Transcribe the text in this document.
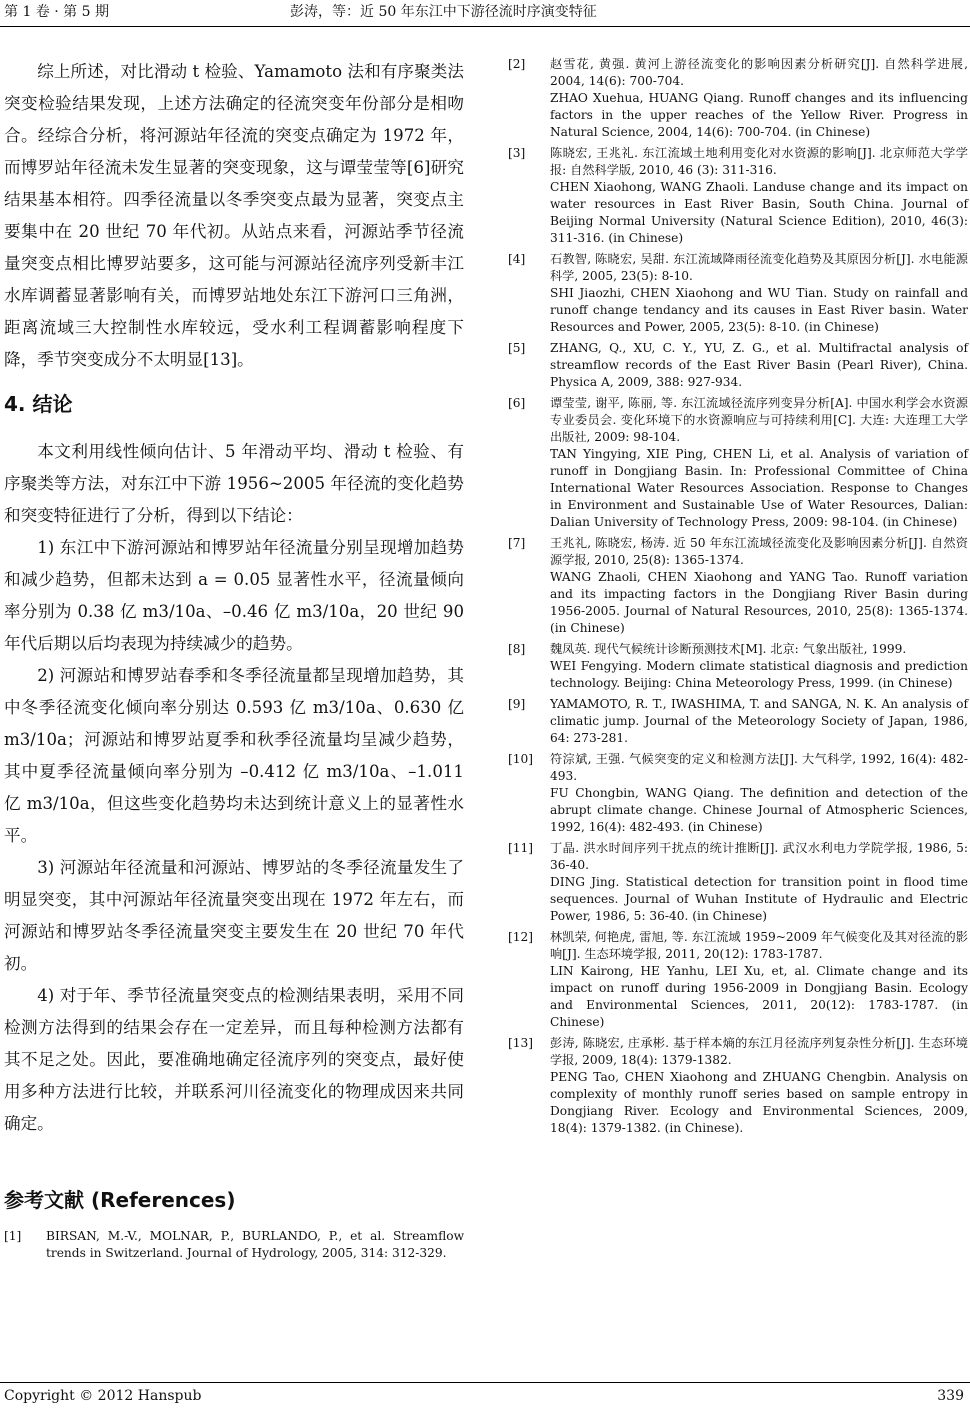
第 1 卷 · 第 5 期	彭涛，等：近 50 年东江中下游径流时序演变特征

综上所述，对比滑动 t 检验、Yamamoto 法和有序聚类法突变检验结果发现，上述方法确定的径流突变年份部分是相吻合。经综合分析，将河源站年径流的突变点确定为 1972 年，而博罗站年径流未发生显著的突变现象，这与谭莹莹等[6]研究结果基本相符。四季径流量以冬季突变点最为显著，突变点主要集中在 20 世纪 70 年代初。从站点来看，河源站季节径流量突变点相比博罗站要多，这可能与河源站径流序列受新丰江水库调蓄显著影响有关，而博罗站地处东江下游河口三角洲，距离流域三大控制性水库较远，受水利工程调蓄影响程度下降，季节突变成分不太明显[13]。

4. 结论

本文利用线性倾向估计、5 年滑动平均、滑动 t 检验、有序聚类等方法，对东江中下游 1956~2005 年径流的变化趋势和突变特征进行了分析，得到以下结论：

1) 东江中下游河源站和博罗站年径流量分别呈现增加趋势和减少趋势，但都未达到 a = 0.05 显著性水平，径流量倾向率分别为 0.38 亿 m3/10a、–0.46 亿 m3/10a，20 世纪 90 年代后期以后均表现为持续减少的趋势。

2) 河源站和博罗站春季和冬季径流量都呈现增加趋势，其中冬季径流变化倾向率分别达 0.593 亿 m3/10a、0.630 亿 m3/10a；河源站和博罗站夏季和秋季径流量均呈减少趋势，其中夏季径流量倾向率分别为 –0.412 亿 m3/10a、–1.011 亿 m3/10a，但这些变化趋势均未达到统计意义上的显著性水平。

3) 河源站年径流量和河源站、博罗站的冬季径流量发生了明显突变，其中河源站年径流量突变出现在 1972 年左右，而河源站和博罗站冬季径流量突变主要发生在 20 世纪 70 年代初。

4) 对于年、季节径流量突变点的检测结果表明，采用不同检测方法得到的结果会存在一定差异，而且每种检测方法都有其不足之处。因此，要准确地确定径流序列的突变点，最好使用多种方法进行比较，并联系河川径流变化的物理成因来共同确定。

参考文献 (References)
[1] BIRSAN, M.-V., MOLNAR, P., BURLANDO, P., et al. Streamflow trends in Switzerland. Journal of Hydrology, 2005, 314: 312-329.
[2] 赵雪花, 黄强. 黄河上游径流变化的影响因素分析研究[J]. 自然科学进展, 2004, 14(6): 700-704.
ZHAO Xuehua, HUANG Qiang. Runoff changes and its influencing factors in the upper reaches of the Yellow River. Progress in Natural Science, 2004, 14(6): 700-704. (in Chinese)
[3] 陈晓宏, 王兆礼. 东江流域土地利用变化对水资源的影响[J]. 北京师范大学学报: 自然科学版, 2010, 46 (3): 311-316.
CHEN Xiaohong, WANG Zhaoli. Landuse change and its impact on water resources in East River Basin, South China. Journal of Beijing Normal University (Natural Science Edition), 2010, 46(3): 311-316. (in Chinese)
[4] 石教智, 陈晓宏, 吴甜. 东江流域降雨径流变化趋势及其原因分析[J]. 水电能源科学, 2005, 23(5): 8-10.
SHI Jiaozhi, CHEN Xiaohong and WU Tian. Study on rainfall and runoff change tendancy and its causes in East River basin. Water Resources and Power, 2005, 23(5): 8-10. (in Chinese)
[5] ZHANG, Q., XU, C. Y., YU, Z. G., et al. Multifractal analysis of streamflow records of the East River Basin (Pearl River), China. Physica A, 2009, 388: 927-934.
[6] 谭莹莹, 谢平, 陈丽, 等. 东江流域径流序列变异分析[A]. 中国水利学会水资源专业委员会. 变化环境下的水资源响应与可持续利用[C]. 大连: 大连理工大学出版社, 2009: 98-104.
TAN Yingying, XIE Ping, CHEN Li, et al. Analysis of variation of runoff in Dongjiang Basin. In: Professional Committee of China International Water Resources Association. Response to Changes in Environment and Sustainable Use of Water Resources, Dalian: Dalian University of Technology Press, 2009: 98-104. (in Chinese)
[7] 王兆礼, 陈晓宏, 杨涛. 近 50 年东江流域径流变化及影响因素分析[J]. 自然资源学报, 2010, 25(8): 1365-1374.
WANG Zhaoli, CHEN Xiaohong and YANG Tao. Runoff variation and its impacting factors in the Dongjiang River Basin during 1956-2005. Journal of Natural Resources, 2010, 25(8): 1365-1374. (in Chinese)
[8] 魏凤英. 现代气候统计诊断预测技术[M]. 北京: 气象出版社, 1999.
WEI Fengying. Modern climate statistical diagnosis and prediction technology. Beijing: China Meteorology Press, 1999. (in Chinese)
[9] YAMAMOTO, R. T., IWASHIMA, T. and SANGA, N. K. An analysis of climatic jump. Journal of the Meteorology Society of Japan, 1986, 64: 273-281.
[10] 符淙斌, 王强. 气候突变的定义和检测方法[J]. 大气科学, 1992, 16(4): 482-493.
FU Chongbin, WANG Qiang. The definition and detection of the abrupt climate change. Chinese Journal of Atmospheric Sciences, 1992, 16(4): 482-493. (in Chinese)
[11] 丁晶. 洪水时间序列干扰点的统计推断[J]. 武汉水利电力学院学报, 1986, 5: 36-40.
DING Jing. Statistical detection for transition point in flood time sequences. Journal of Wuhan Institute of Hydraulic and Electric Power, 1986, 5: 36-40. (in Chinese)
[12] 林凯荣, 何艳虎, 雷旭, 等. 东江流域 1959~2009 年气候变化及其对径流的影响[J]. 生态环境学报, 2011, 20(12): 1783-1787.
LIN Kairong, HE Yanhu, LEI Xu, et, al. Climate change and its impact on runoff during 1956-2009 in Dongjiang Basin. Ecology and Environmental Sciences, 2011, 20(12): 1783-1787. (in Chinese)
[13] 彭涛, 陈晓宏, 庄承彬. 基于样本熵的东江月径流序列复杂性分析[J]. 生态环境学报, 2009, 18(4): 1379-1382.
PENG Tao, CHEN Xiaohong and ZHUANG Chengbin. Analysis on complexity of monthly runoff series based on sample entropy in Dongjiang River. Ecology and Environmental Sciences, 2009, 18(4): 1379-1382. (in Chinese).
Copyright © 2012 Hanspub	339
